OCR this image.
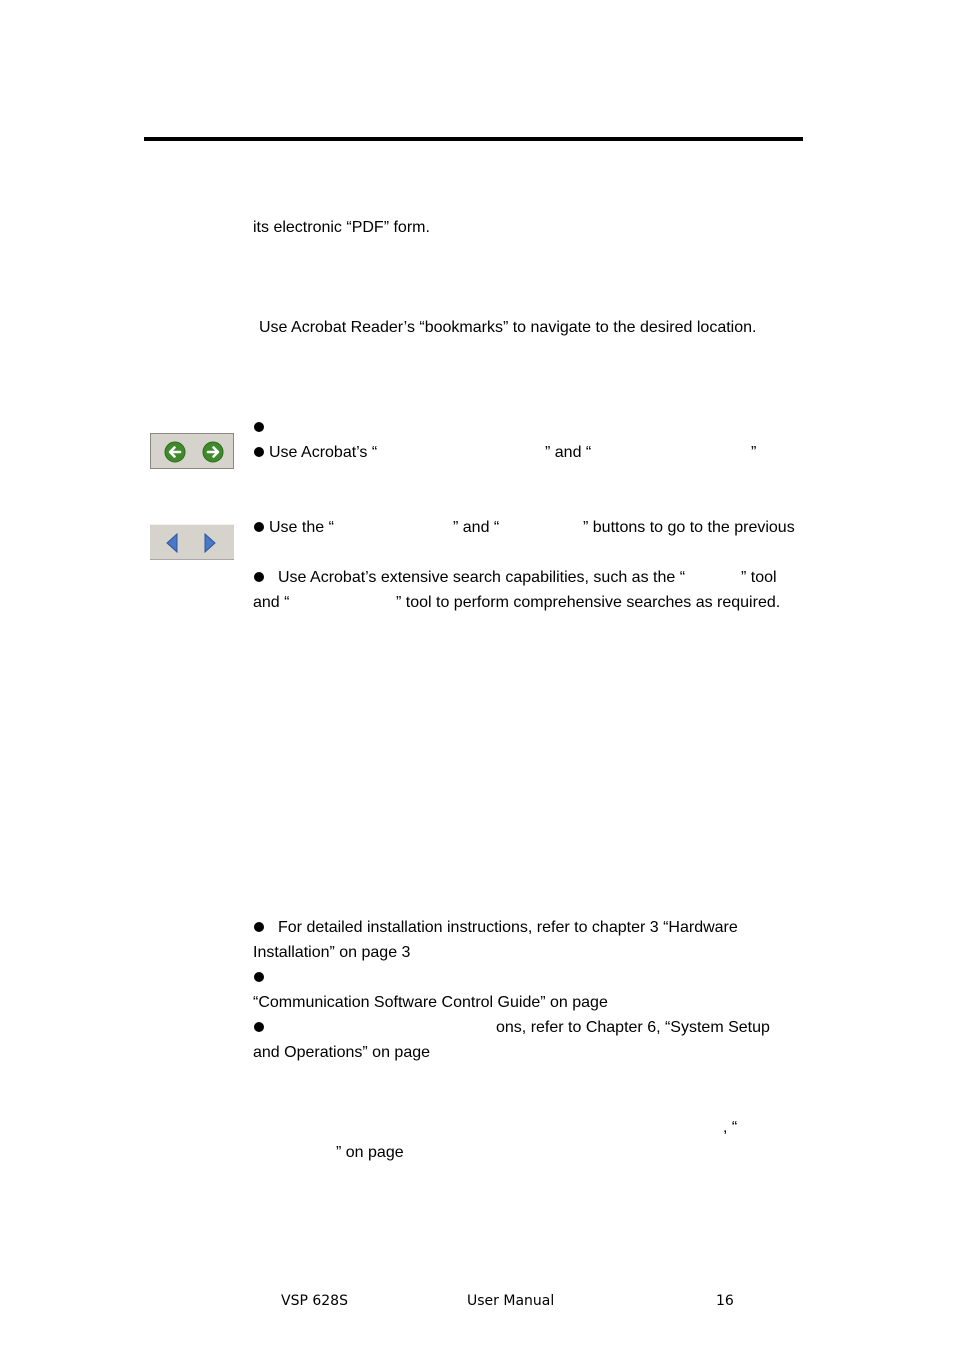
its electronic “PDF” form.
Use Acrobat Reader’s “bookmarks” to navigate to the desired location.
Use Acrobat’s “	” and “	”
Use the “	” and “	” buttons to go to the previous
Use Acrobat’s extensive search capabilities, such as the “	” tool
and “	” tool to perform comprehensive searches as required.
For detailed installation instructions, refer to chapter 3 “Hardware
Installation” on page 3
“Communication Software Control Guide” on page
ons, refer to Chapter 6, “System Setup
and Operations” on page
, “
” on page
VSP 628S	User Manual	16
